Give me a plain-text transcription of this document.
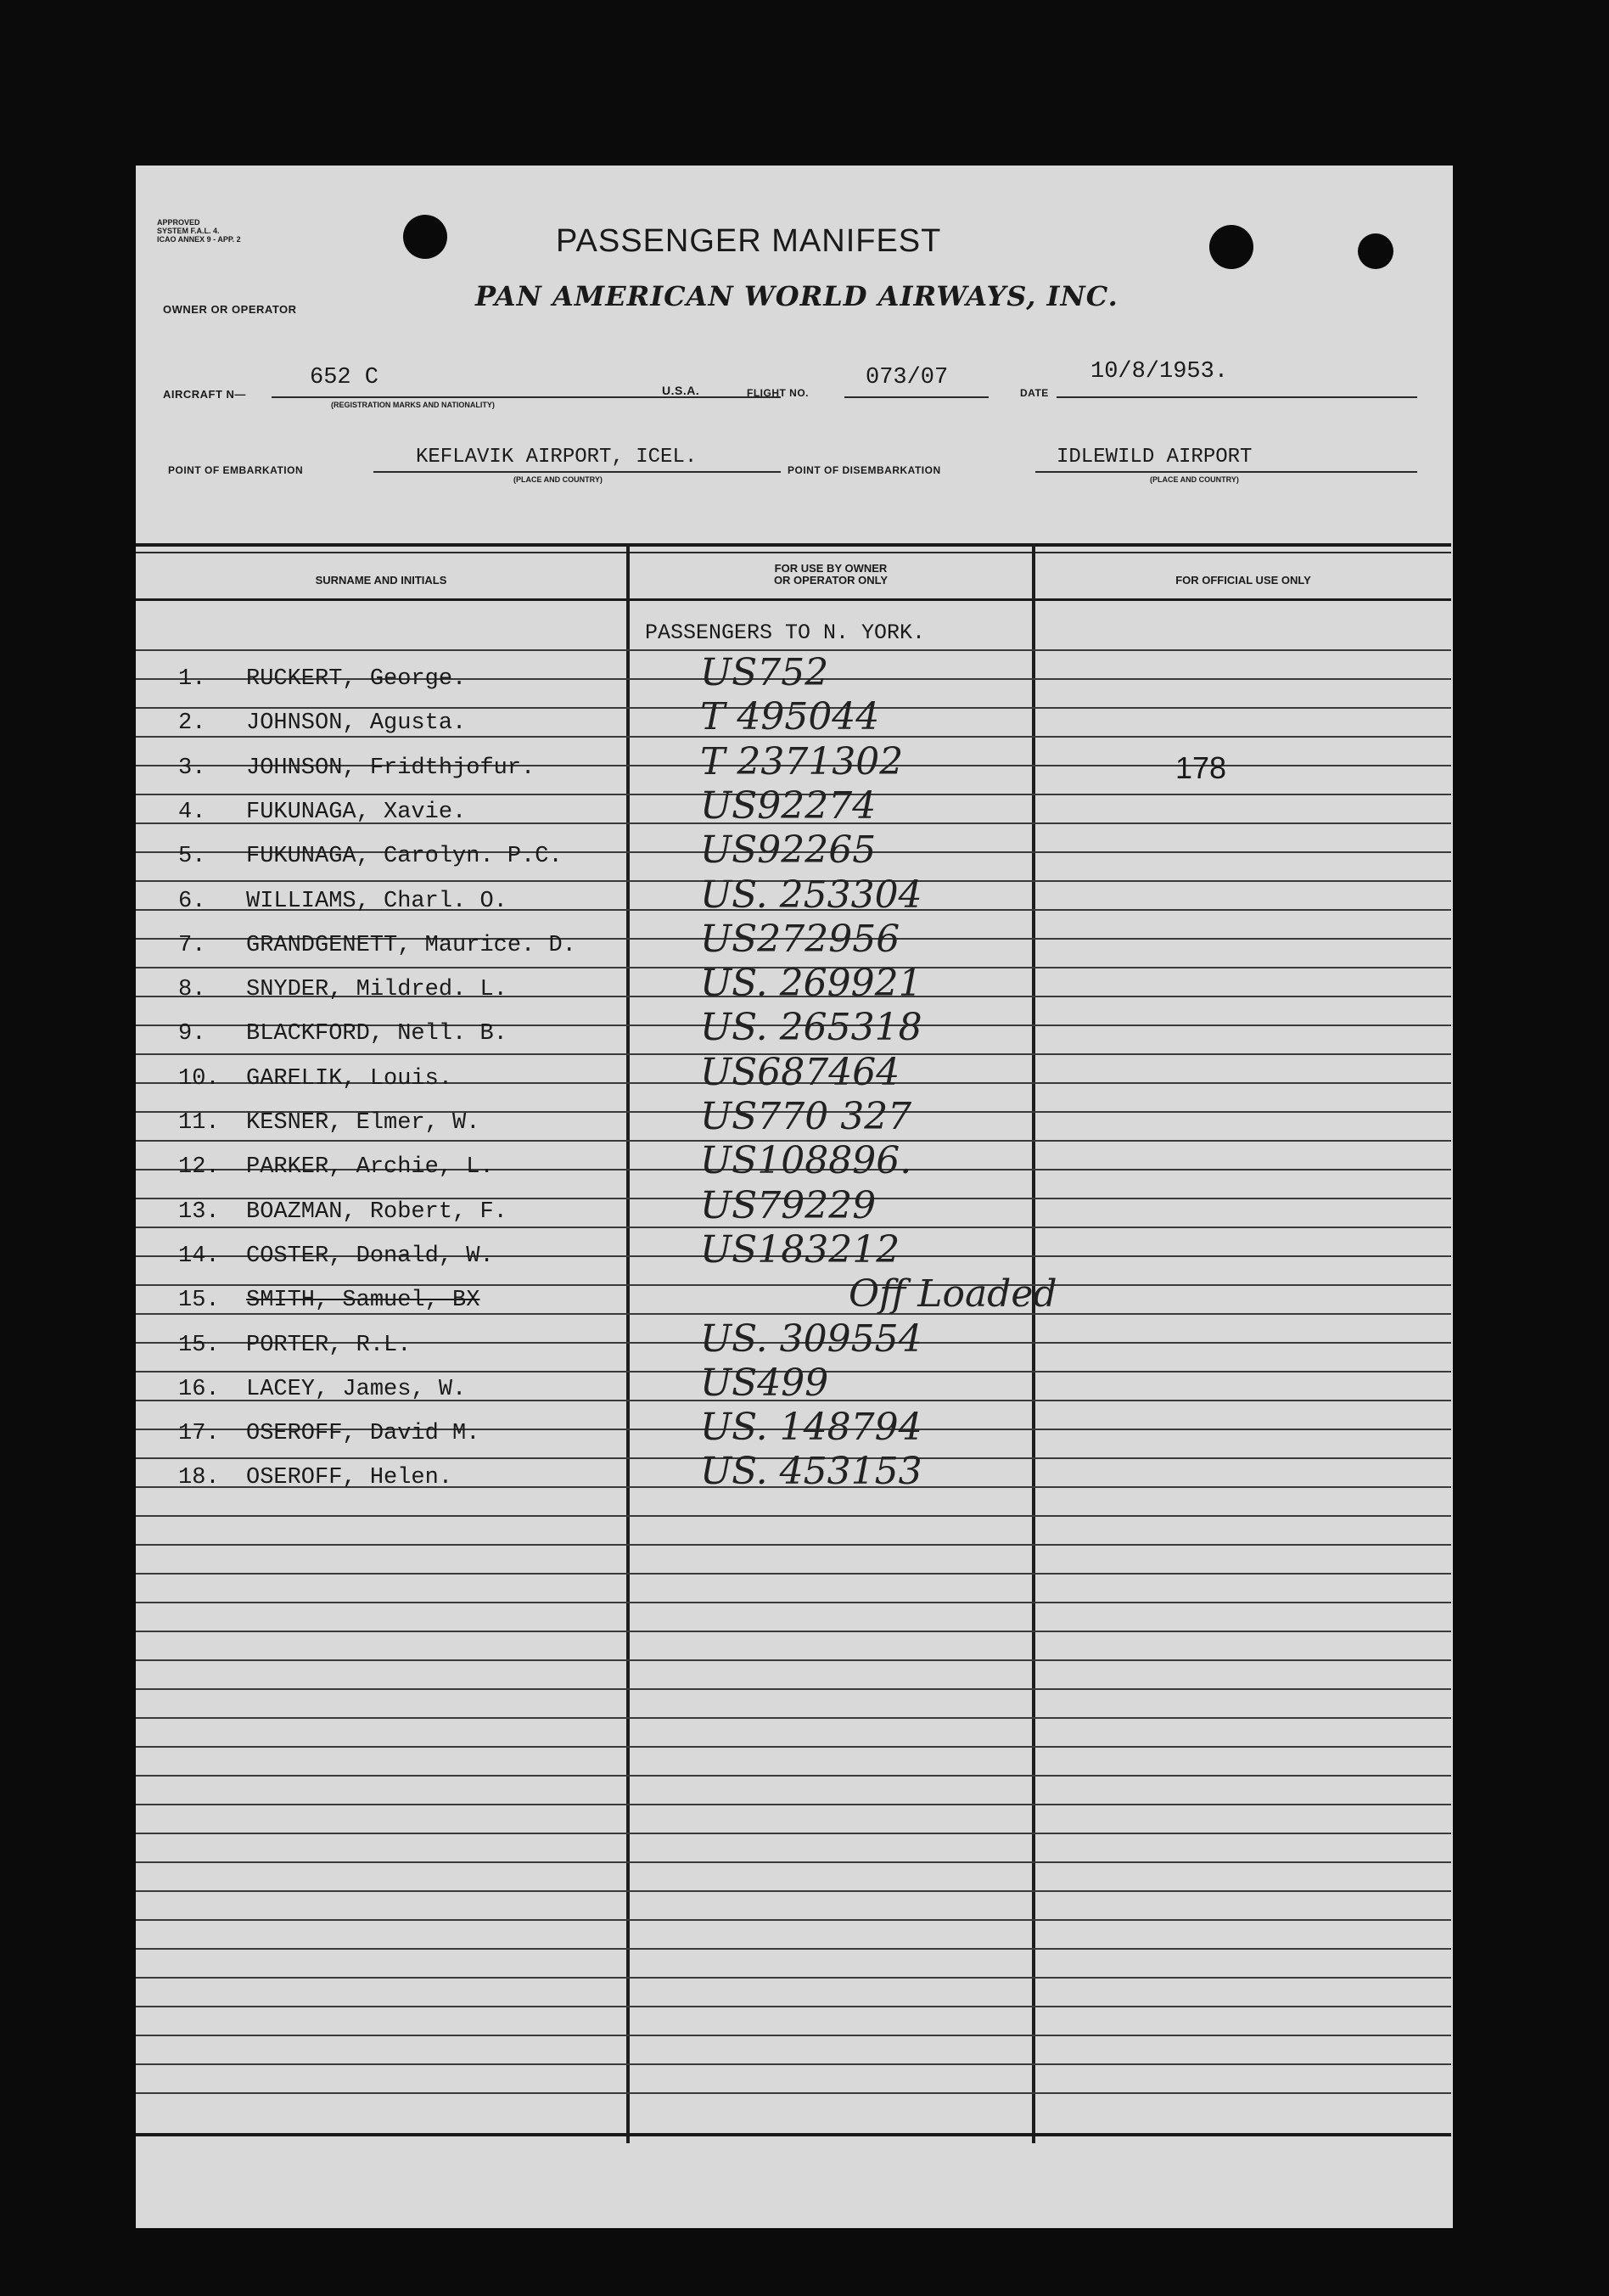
APPROVED
SYSTEM F.A.L. 4.
ICAO ANNEX 9 - APP. 2	PASSENGER MANIFEST
OWNER OR OPERATOR	PAN AMERICAN WORLD AIRWAYS, INC.
AIRCRAFT N—
652 C
(REGISTRATION MARKS AND NATIONALITY)
U.S.A.	FLIGHT NO.
073/07
DATE
10/8/1953.
POINT OF EMBARKATION
KEFLAVIK AIRPORT, ICEL.
(PLACE AND COUNTRY)
POINT OF DISEMBARKATION
IDLEWILD AIRPORT
(PLACE AND COUNTRY)
SURNAME AND INITIALS
FOR USE BY OWNER
OR OPERATOR ONLY	FOR OFFICIAL USE ONLY
PASSENGERS TO N. YORK.
1. RUCKERT, George.	US752
2. JOHNSON, Agusta.	T 495044
3. JOHNSON, Fridthjofur.	T 2371302	178
4. FUKUNAGA, Xavie.	US92274
5. FUKUNAGA, Carolyn. P.C.	US92265
6. WILLIAMS, Charl. O.	US. 253304
7. GRANDGENETT, Maurice. D.	US272956
8. SNYDER, Mildred. L.	US. 269921
9. BLACKFORD, Nell. B.	US. 265318
10. GARELIK, Louis.	US687464
11. KESNER, Elmer, W.	US770 327
12. PARKER, Archie, L.	US108896.
13. BOAZMAN, Robert, F.	US79229
14. COSTER, Donald, W.	US183212
15. SMITH, Samuel, BX	Off Loaded
15. PORTER, R.L.	US. 309554
16. LACEY, James, W.	US499
17. OSEROFF, David M.	US. 148794
18. OSEROFF, Helen.	US. 453153
